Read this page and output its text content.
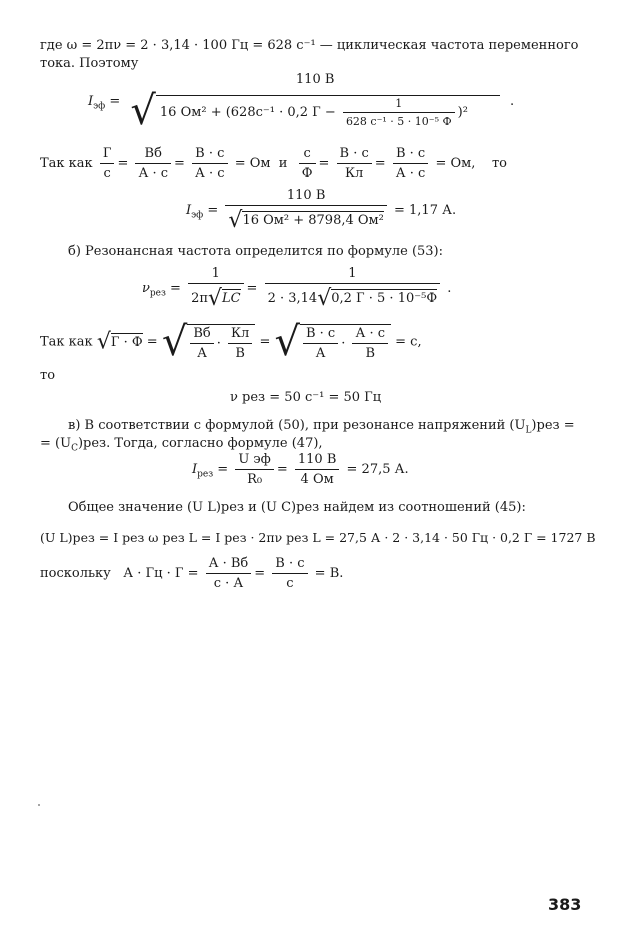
где ω = 2πν = 2 · 3,14 · 100 Гц = 628 с⁻¹ — циклическая частота переменного
тока. Поэтому
$I_{эф}$ =
110 В
√ 16 Ом² + (628с⁻¹ · 0,2 $Г - \frac{1}{\text{628 с⁻¹ · 5 · 10⁻⁵ Ф}} )^2$
.
Так как $\frac{Г}{с} = \frac{Вб}{А \cdot с} = \frac{В \cdot с}{А \cdot с}$ = Ом и $\frac{с}{Ф} = \frac{В \cdot с}{Кл} = \frac{В \cdot с}{А \cdot с}$ = Ом, то
$I_{эф} = \frac{110 В}{\text{√16 Ом² + 8798,4 Ом²}} = 1,17$ А.
б) Резонансная частота определится по формуле (53):
$\nu_{рез} = \frac{1}{2\pi√LC} = \frac{1}{\text{2 · 3,14√0,2 Г · 5 · 10⁻⁵Ф}}$ .
Так как √Г · Ф = √ $\frac{Вб}{А} \cdot \frac{Кл}{В}$ = √ $\frac{В \cdot с}{А} \cdot \frac{А \cdot с}{В} = с$,
то
ν рез = 50 с⁻¹ = 50 Гц
в) В соответствии с формулой (50), при резонансе напряжений $(U_L)рез$ =
= $(U_C)рез$. Тогда, согласно формуле (47),
$I_{рез} = \frac{\text{U эф}}{\text{R₀}} = \frac{110 В}{4 Ом} = 27,5$ А.
Общее значение (U L)рез и (U C)рез найдем из соотношений (45):
(U L)рез = I рез ω рез L = I рез · 2πν рез L = 27,5 А · 2 · 3,14 · 50 Гц · 0,2 Г = 1727 В
поскольку А · Гц · $Г = \frac{А \cdot Вб}{с \cdot А} = \frac{В \cdot с}{с} = В$.
383
